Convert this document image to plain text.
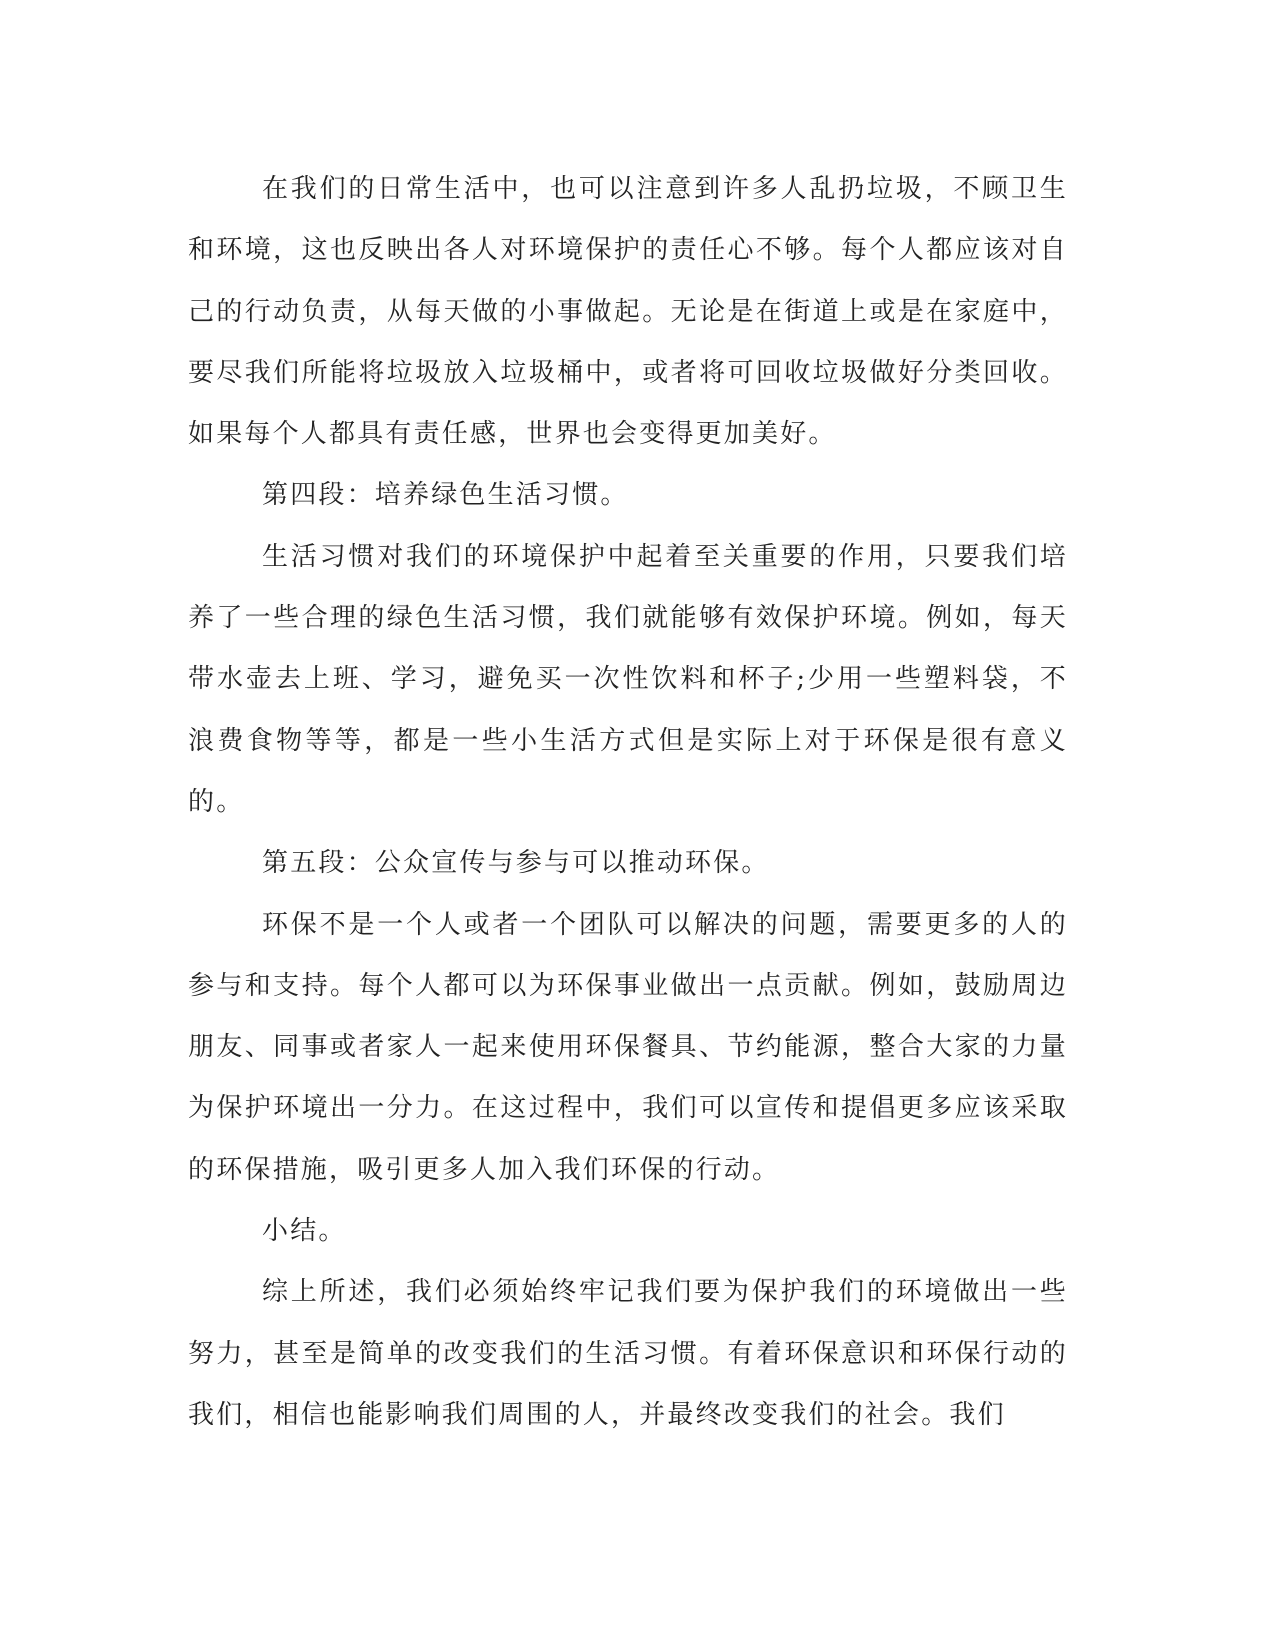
在我们的日常生活中，也可以注意到许多人乱扔垃圾，不顾卫生和环境，这也反映出各人对环境保护的责任心不够。每个人都应该对自己的行动负责，从每天做的小事做起。无论是在街道上或是在家庭中，要尽我们所能将垃圾放入垃圾桶中，或者将可回收垃圾做好分类回收。如果每个人都具有责任感，世界也会变得更加美好。

第四段：培养绿色生活习惯。

生活习惯对我们的环境保护中起着至关重要的作用，只要我们培养了一些合理的绿色生活习惯，我们就能够有效保护环境。例如，每天带水壶去上班、学习，避免买一次性饮料和杯子;少用一些塑料袋，不浪费食物等等，都是一些小生活方式但是实际上对于环保是很有意义的。

第五段：公众宣传与参与可以推动环保。

环保不是一个人或者一个团队可以解决的问题，需要更多的人的参与和支持。每个人都可以为环保事业做出一点贡献。例如，鼓励周边朋友、同事或者家人一起来使用环保餐具、节约能源，整合大家的力量为保护环境出一分力。在这过程中，我们可以宣传和提倡更多应该采取的环保措施，吸引更多人加入我们环保的行动。

小结。

综上所述，我们必须始终牢记我们要为保护我们的环境做出一些努力，甚至是简单的改变我们的生活习惯。有着环保意识和环保行动的我们，相信也能影响我们周围的人，并最终改变我们的社会。我们
